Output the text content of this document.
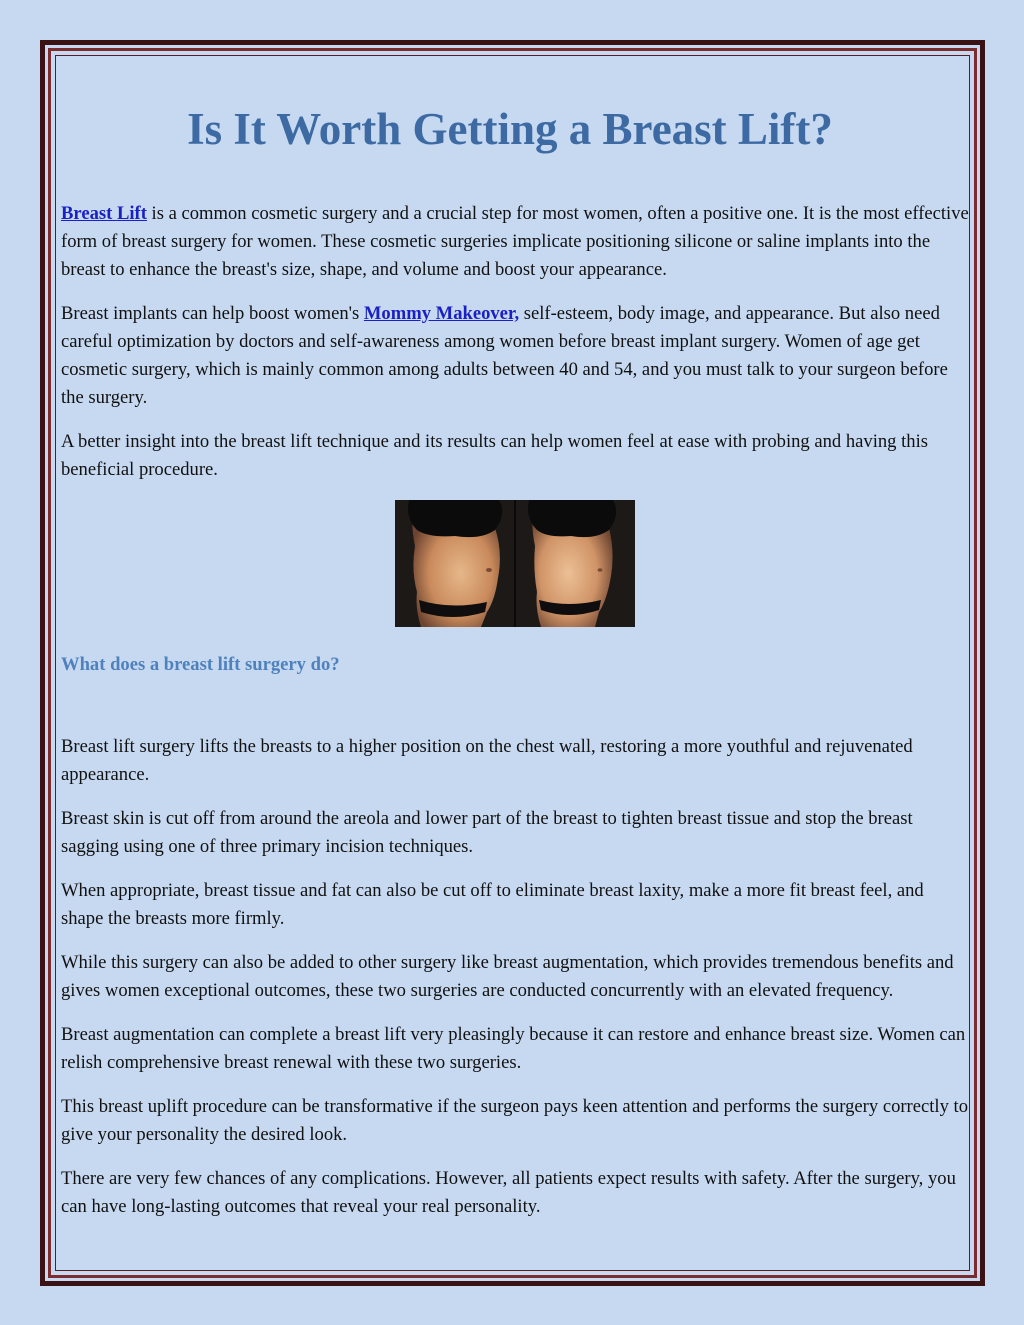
Is It Worth Getting a Breast Lift?

Breast Lift is a common cosmetic surgery and a crucial step for most women, often a positive one. It is the most effective form of breast surgery for women. These cosmetic surgeries implicate positioning silicone or saline implants into the breast to enhance the breast's size, shape, and volume and boost your appearance.

Breast implants can help boost women's Mommy Makeover, self-esteem, body image, and appearance. But also need careful optimization by doctors and self-awareness among women before breast implant surgery. Women of age get cosmetic surgery, which is mainly common among adults between 40 and 54, and you must talk to your surgeon before the surgery.

A better insight into the breast lift technique and its results can help women feel at ease with probing and having this beneficial procedure.

What does a breast lift surgery do?

Breast lift surgery lifts the breasts to a higher position on the chest wall, restoring a more youthful and rejuvenated appearance.

Breast skin is cut off from around the areola and lower part of the breast to tighten breast tissue and stop the breast sagging using one of three primary incision techniques.

When appropriate, breast tissue and fat can also be cut off to eliminate breast laxity, make a more fit breast feel, and shape the breasts more firmly.

While this surgery can also be added to other surgery like breast augmentation, which provides tremendous benefits and gives women exceptional outcomes, these two surgeries are conducted concurrently with an elevated frequency.

Breast augmentation can complete a breast lift very pleasingly because it can restore and enhance breast size. Women can relish comprehensive breast renewal with these two surgeries.

This breast uplift procedure can be transformative if the surgeon pays keen attention and performs the surgery correctly to give your personality the desired look.

There are very few chances of any complications. However, all patients expect results with safety. After the surgery, you can have long-lasting outcomes that reveal your real personality.
